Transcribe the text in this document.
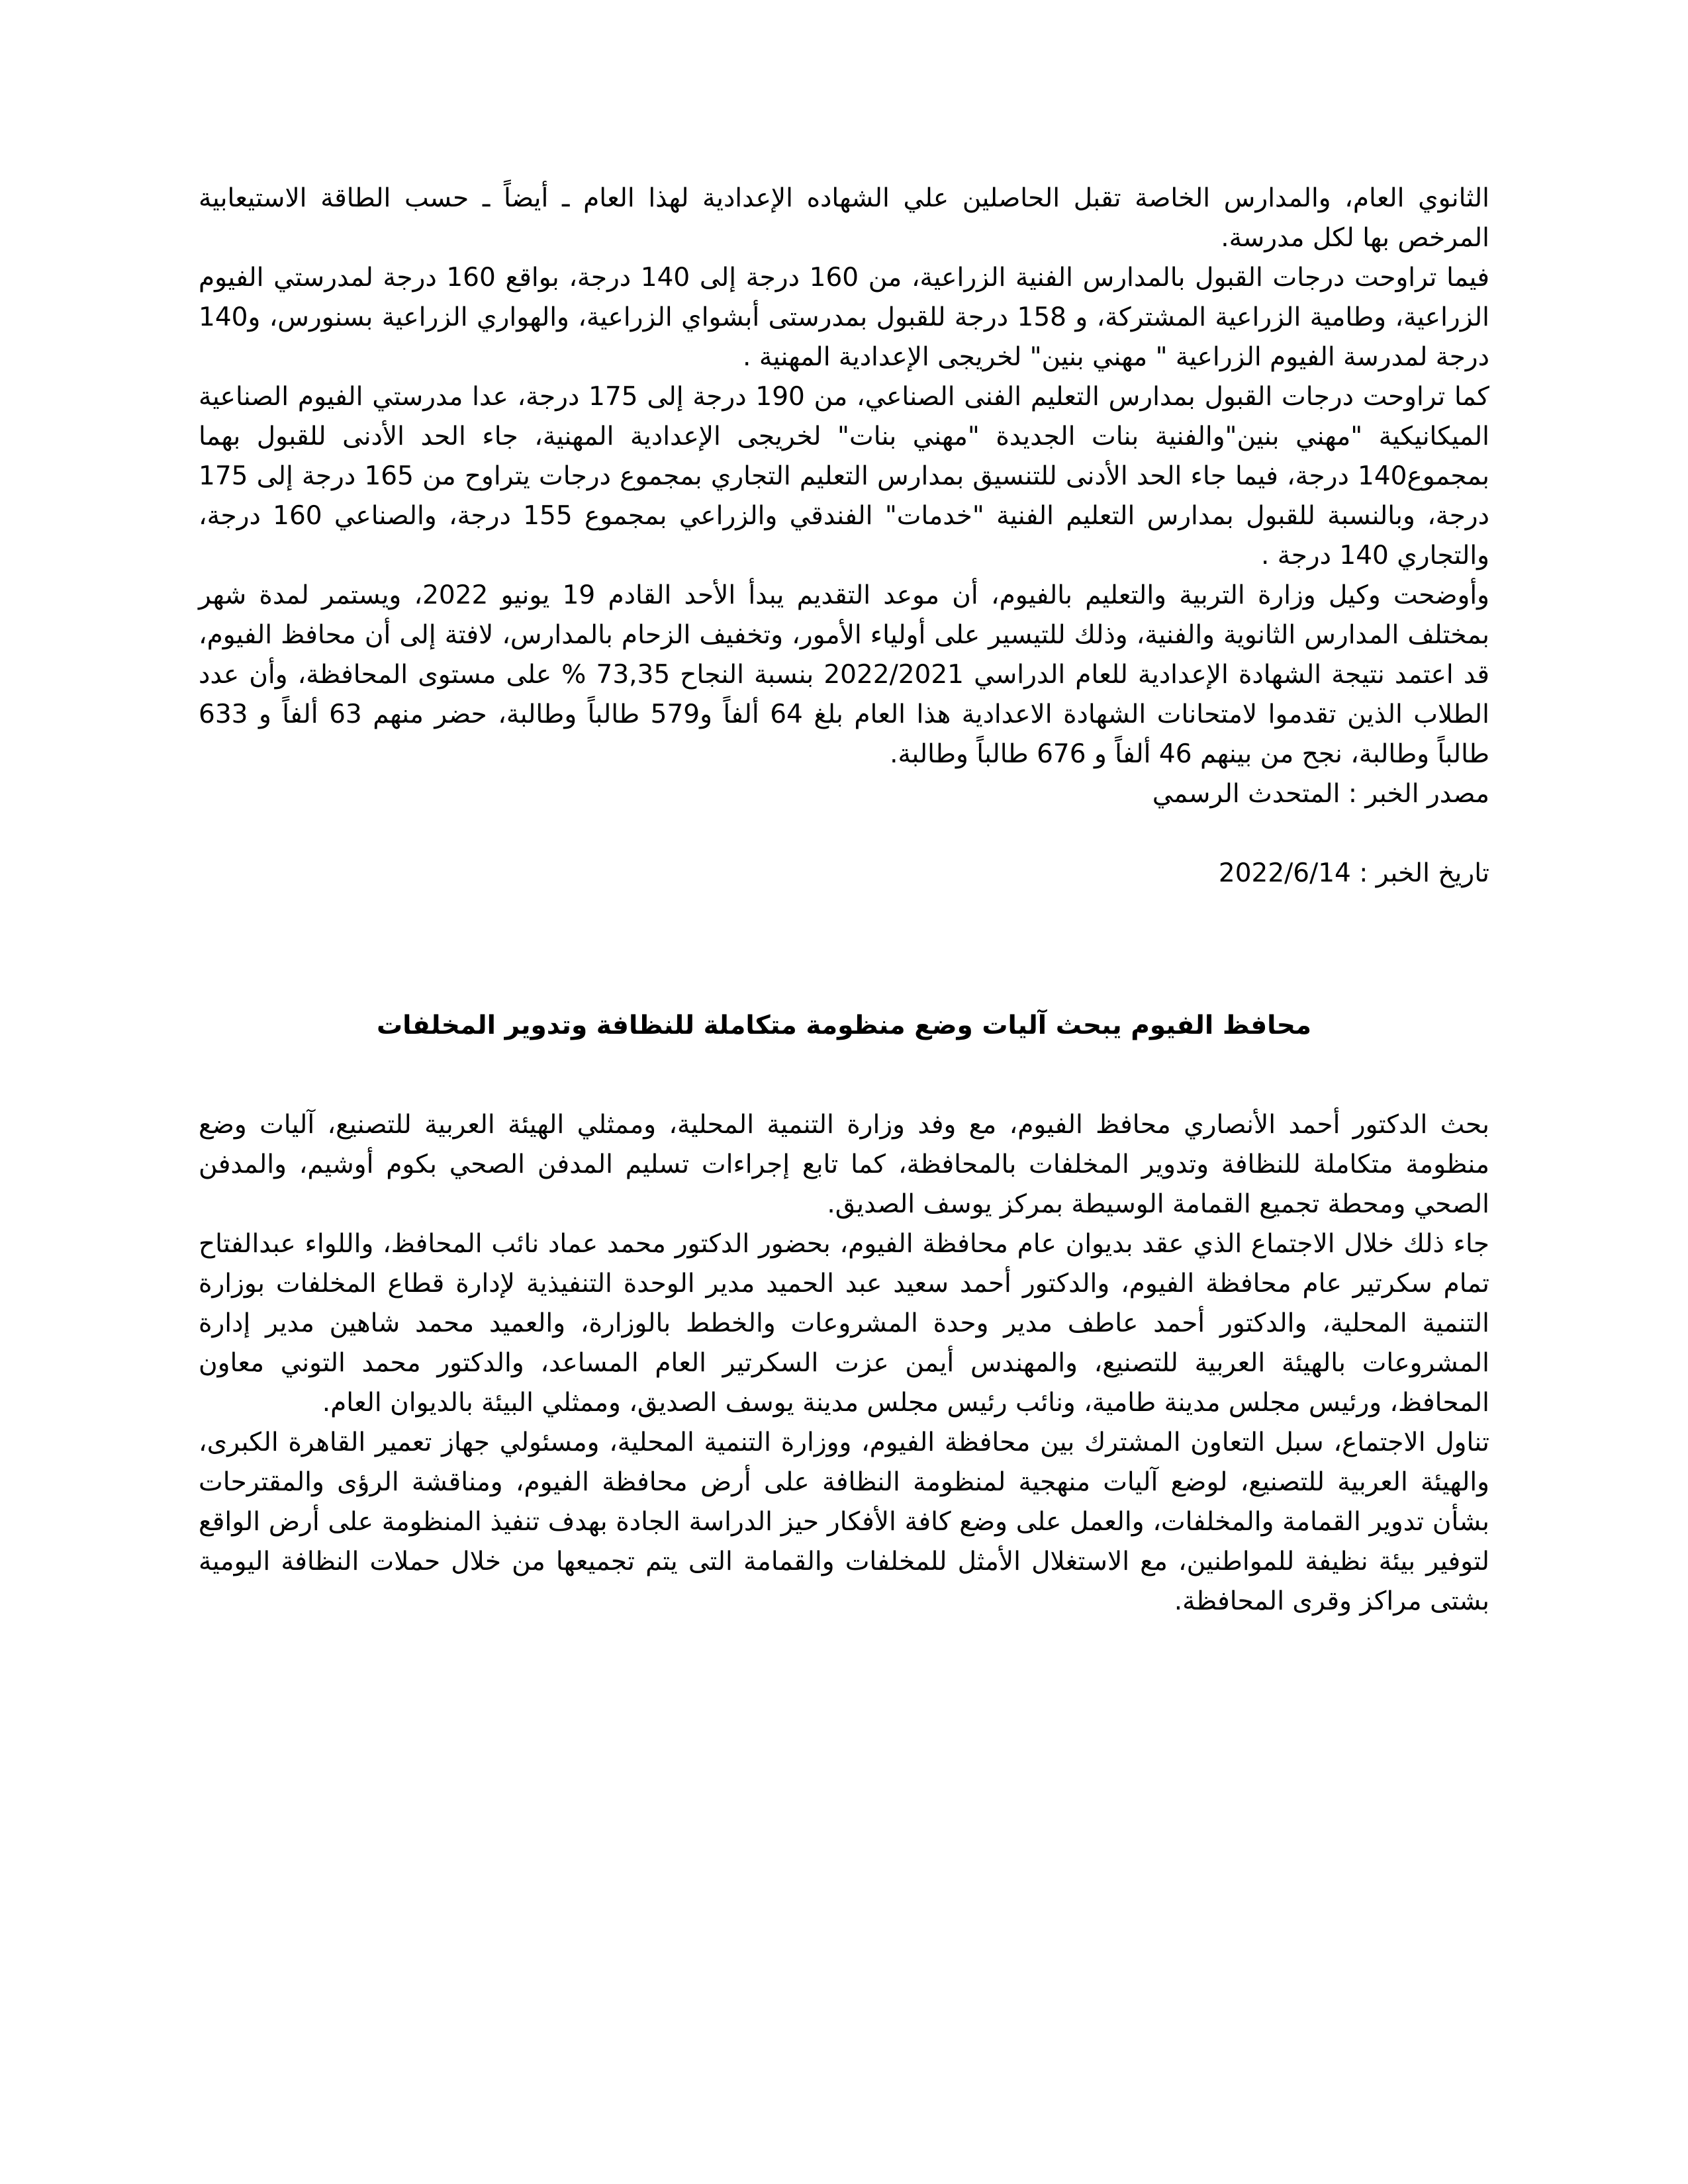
الثانوي العام، والمدارس الخاصة تقبل الحاصلين علي الشهاده الإعدادية لهذا العام ـ أيضاً ـ حسب الطاقة الاستيعابية المرخص بها لكل مدرسة.

فيما تراوحت درجات القبول بالمدارس الفنية الزراعية، من 160 درجة إلى 140 درجة، بواقع 160 درجة لمدرستي الفيوم الزراعية، وطامية الزراعية المشتركة، و 158 درجة للقبول بمدرستى أبشواي الزراعية، والهواري الزراعية بسنورس، و140 درجة لمدرسة الفيوم الزراعية " مهني بنين" لخريجى الإعدادية المهنية .

كما تراوحت درجات القبول بمدارس التعليم الفنى الصناعي، من 190 درجة إلى 175 درجة، عدا مدرستي الفيوم الصناعية الميكانيكية "مهني بنين"والفنية بنات الجديدة "مهني بنات" لخريجى الإعدادية المهنية، جاء الحد الأدنى للقبول بهما بمجموع140 درجة، فيما جاء الحد الأدنى للتنسيق بمدارس التعليم التجاري بمجموع درجات يتراوح من 165 درجة إلى 175 درجة، وبالنسبة للقبول بمدارس التعليم الفنية "خدمات" الفندقي والزراعي بمجموع 155 درجة، والصناعي 160 درجة، والتجاري 140 درجة .

وأوضحت وكيل وزارة التربية والتعليم بالفيوم، أن موعد التقديم يبدأ الأحد القادم 19 يونيو 2022، ويستمر لمدة شهر بمختلف المدارس الثانوية والفنية، وذلك للتيسير على أولياء الأمور، وتخفيف الزحام بالمدارس، لافتة إلى أن محافظ الفيوم، قد اعتمد نتيجة الشهادة الإعدادية للعام الدراسي 2022/2021 بنسبة النجاح 73,35 % على مستوى المحافظة، وأن عدد الطلاب الذين تقدموا لامتحانات الشهادة الاعدادية هذا العام بلغ 64 ألفاً و579 طالباً وطالبة، حضر منهم 63 ألفاً و 633 طالباً وطالبة، نجح من بينهم 46 ألفاً و 676 طالباً وطالبة.

مصدر الخبر : المتحدث الرسمي

تاريخ الخبر : 2022/6/14

محافظ الفيوم يبحث آليات وضع منظومة متكاملة للنظافة وتدوير المخلفات

بحث الدكتور أحمد الأنصاري محافظ الفيوم، مع وفد وزارة التنمية المحلية، وممثلي الهيئة العربية للتصنيع، آليات وضع منظومة متكاملة للنظافة وتدوير المخلفات بالمحافظة، كما تابع إجراءات تسليم المدفن الصحي بكوم أوشيم، والمدفن الصحي ومحطة تجميع القمامة الوسيطة بمركز يوسف الصديق.

جاء ذلك خلال الاجتماع الذي عقد بديوان عام محافظة الفيوم، بحضور الدكتور محمد عماد نائب المحافظ، واللواء عبدالفتاح تمام سكرتير عام محافظة الفيوم، والدكتور أحمد سعيد عبد الحميد مدير الوحدة التنفيذية لإدارة قطاع المخلفات بوزارة التنمية المحلية، والدكتور أحمد عاطف مدير وحدة المشروعات والخطط بالوزارة، والعميد محمد شاهين مدير إدارة المشروعات بالهيئة العربية للتصنيع، والمهندس أيمن عزت السكرتير العام المساعد، والدكتور محمد التوني معاون المحافظ، ورئيس مجلس مدينة طامية، ونائب رئيس مجلس مدينة يوسف الصديق، وممثلي البيئة بالديوان العام.

تناول الاجتماع، سبل التعاون المشترك بين محافظة الفيوم، ووزارة التنمية المحلية، ومسئولي جهاز تعمير القاهرة الكبرى، والهيئة العربية للتصنيع، لوضع آليات منهجية لمنظومة النظافة على أرض محافظة الفيوم، ومناقشة الرؤى والمقترحات بشأن تدوير القمامة والمخلفات، والعمل على وضع كافة الأفكار حيز الدراسة الجادة بهدف تنفيذ المنظومة على أرض الواقع لتوفير بيئة نظيفة للمواطنين، مع الاستغلال الأمثل للمخلفات والقمامة التى يتم تجميعها من خلال حملات النظافة اليومية بشتى مراكز وقرى المحافظة.
